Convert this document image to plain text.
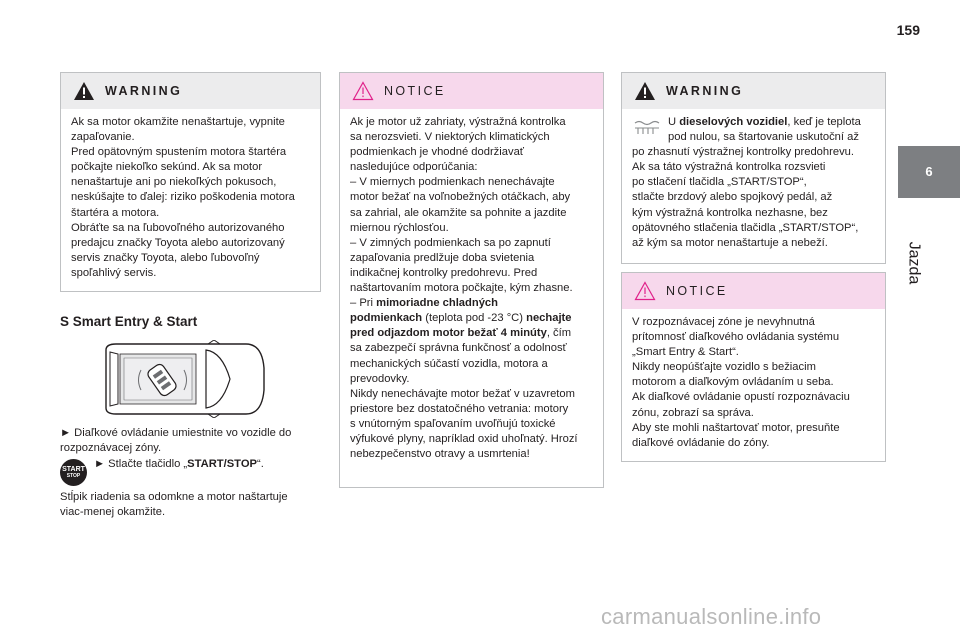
159
6
Jazda
WARNING

Ak sa motor okamžite nenaštartuje, vypnite

zapaľovanie.

Pred opätovným spustením motora štartéra

počkajte niekoľko sekúnd. Ak sa motor

nenaštartuje ani po niekoľkých pokusoch,

neskúšajte to ďalej: riziko poškodenia motora

štartéra a motora.

Obráťte sa na ľubovoľného autorizovaného

predajcu značky Toyota alebo autorizovaný

servis značky Toyota, alebo ľubovoľný

spoľahlivý servis.

S Smart Entry & Start

► Diaľkové ovládanie umiestnite vo vozidle do

rozpoznávacej zóny.

START
STOP
► Stlačte tlačidlo „START/STOP“.

Stĺpik riadenia sa odomkne a motor naštartuje

viac-menej okamžite.

NOTICE

Ak je motor už zahriaty, výstražná kontrolka

sa nerozsvieti. V niektorých klimatických

podmienkach je vhodné dodržiavať

nasledujúce odporúčania:

– V miernych podmienkach nenechávajte

motor bežať na voľnobežných otáčkach, aby

sa zahrial, ale okamžite sa pohnite a jazdite

miernou rýchlosťou.

– V zimných podmienkach sa po zapnutí

zapaľovania predlžuje doba svietenia

indikačnej kontrolky predohrevu. Pred

naštartovaním motora počkajte, kým zhasne.

– Pri mimoriadne chladných

podmienkach (teplota pod -23 °C) nechajte

pred odjazdom motor bežať 4 minúty, čím

sa zabezpečí správna funkčnosť a odolnosť

mechanických súčastí vozidla, motora a

prevodovky.

Nikdy nenechávajte motor bežať v uzavretom

priestore bez dostatočného vetrania: motory

s vnútorným spaľovaním uvoľňujú toxické

výfukové plyny, napríklad oxid uhoľnatý. Hrozí

nebezpečenstvo otravy a usmrtenia!

WARNING

U dieselových vozidiel, keď je teplota

pod nulou, sa štartovanie uskutoční až

po zhasnutí výstražnej kontrolky predohrevu.

Ak sa táto výstražná kontrolka rozsvieti

po stlačení tlačidla „START/STOP“,

stlačte brzdový alebo spojkový pedál, až

kým výstražná kontrolka nezhasne, bez

opätovného stlačenia tlačidla „START/STOP“,

až kým sa motor nenaštartuje a nebeží.

NOTICE

V rozpoznávacej zóne je nevyhnutná

prítomnosť diaľkového ovládania systému

„Smart Entry & Start“.

Nikdy neopúšťajte vozidlo s bežiacim

motorom a diaľkovým ovládaním u seba.

Ak diaľkové ovládanie opustí rozpoznávaciu

zónu, zobrazí sa správa.

Aby ste mohli naštartovať motor, presuňte

diaľkové ovládanie do zóny.

carmanualsonline.info
